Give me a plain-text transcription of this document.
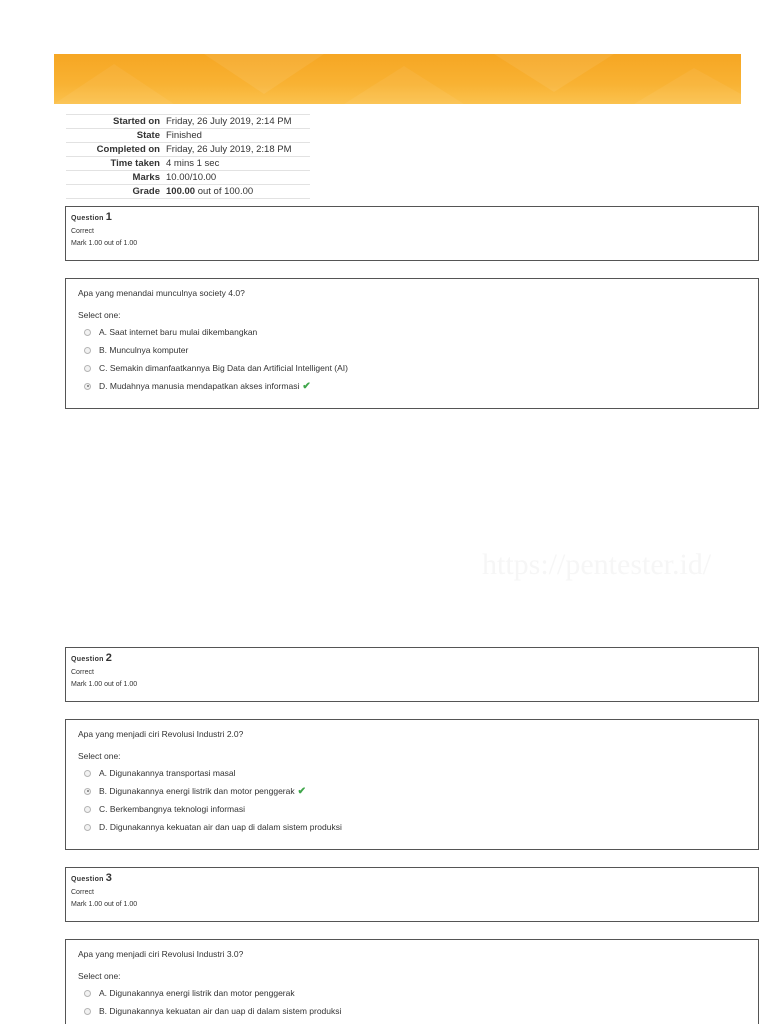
Started on	Friday, 26 July 2019, 2:14 PM
State	Finished
Completed on	Friday, 26 July 2019, 2:18 PM
Time taken	4 mins 1 sec
Marks	10.00/10.00
Grade	100.00 out of 100.00
Question 1
Correct
Mark 1.00 out of 1.00
Apa yang menandai munculnya society 4.0?
Select one:
A. Saat internet baru mulai dikembangkan
B. Munculnya komputer
C. Semakin dimanfaatkannya Big Data dan Artificial Intelligent (AI)
D. Mudahnya manusia mendapatkan akses informasi ✔
https://pentester.id/
Question 2
Correct
Mark 1.00 out of 1.00
Apa yang menjadi ciri Revolusi Industri 2.0?
Select one:
A. Digunakannya transportasi masal
B. Digunakannya energi listrik dan motor penggerak ✔
C. Berkembangnya teknologi informasi
D. Digunakannya kekuatan air dan uap di dalam sistem produksi
Question 3
Correct
Mark 1.00 out of 1.00
Apa yang menjadi ciri Revolusi Industri 3.0?
Select one:
A. Digunakannya energi listrik dan motor penggerak
B. Digunakannya kekuatan air dan uap di dalam sistem produksi
